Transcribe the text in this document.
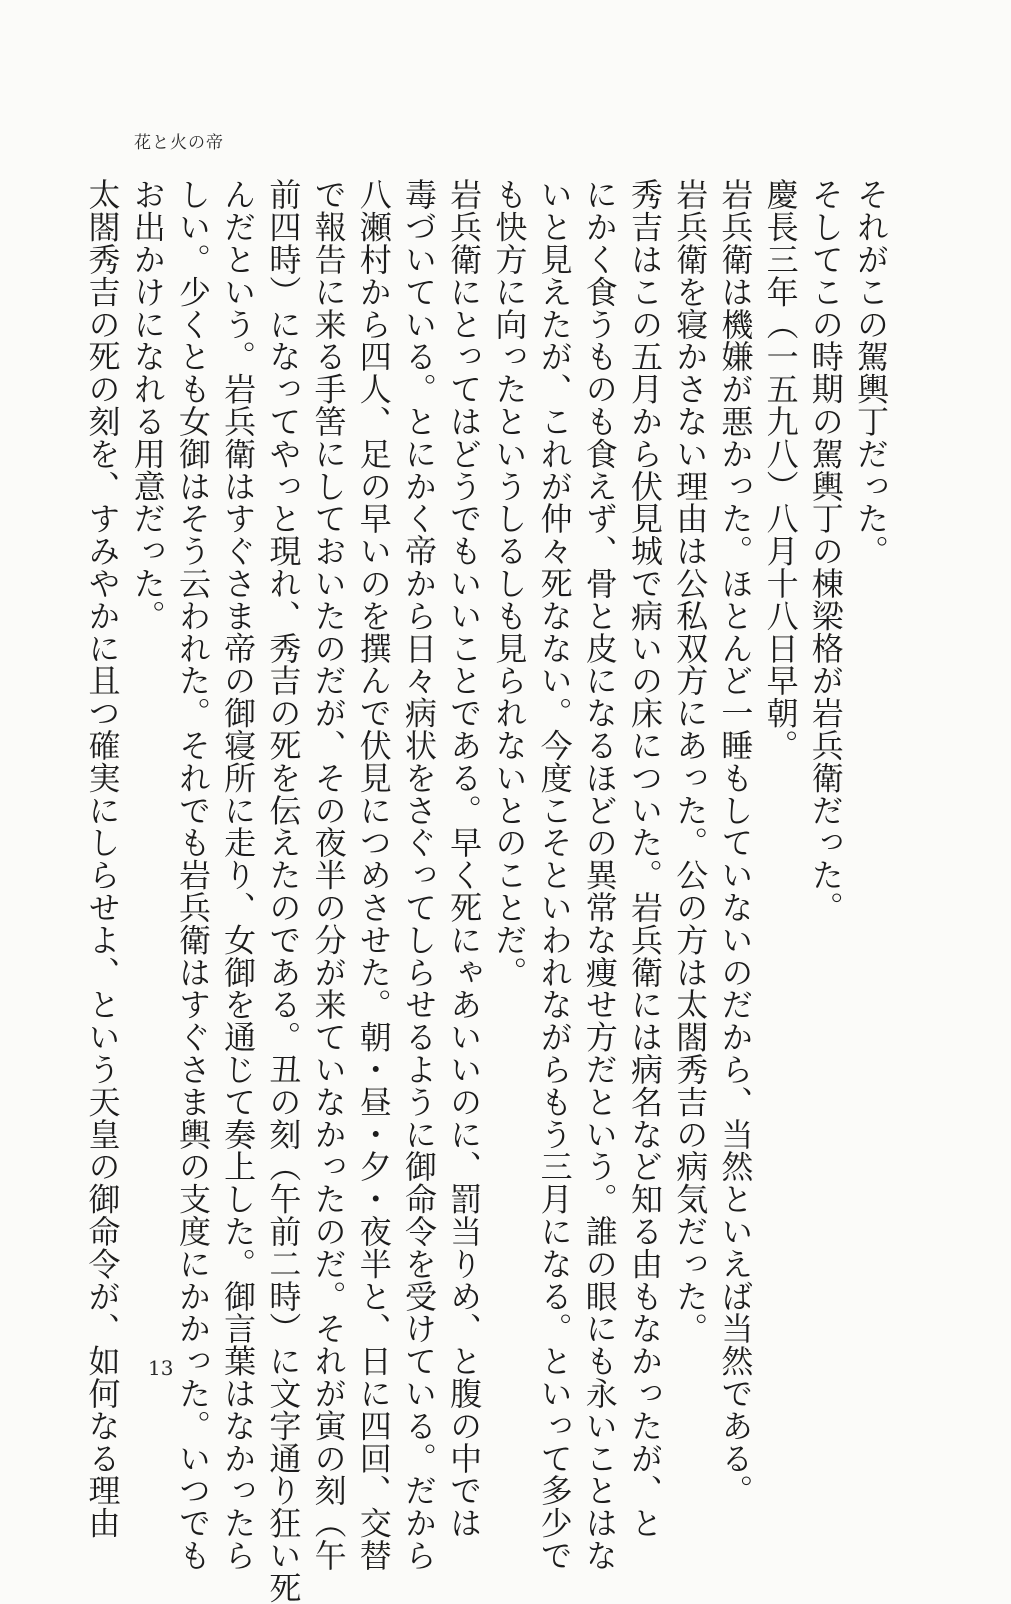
花と火の帝

それがこの駕輿丁だった。

そしてこの時期の駕輿丁の棟梁格が岩兵衛だった。

慶長三年（一五九八）八月十八日早朝。

岩兵衛は機嫌が悪かった。ほとんど一睡もしていないのだから、当然といえば当然である。

岩兵衛を寝かさない理由は公私双方にあった。公の方は太閤秀吉の病気だった。

秀吉はこの五月から伏見城で病いの床についた。岩兵衛には病名など知る由もなかったが、と

にかく食うものも食えず、骨と皮になるほどの異常な痩せ方だという。誰の眼にも永いことはな

いと見えたが、これが仲々死なない。今度こそといわれながらもう三月になる。といって多少で

も快方に向ったというしるしも見られないとのことだ。

岩兵衛にとってはどうでもいいことである。早く死にゃあいいのに、罰当りめ、と腹の中では

毒づいている。とにかく帝から日々病状をさぐってしらせるように御命令を受けている。だから

八瀬村から四人、足の早いのを撰んで伏見につめさせた。朝・昼・夕・夜半と、日に四回、交替

で報告に来る手筈にしておいたのだが、その夜半の分が来ていなかったのだ。それが寅の刻（午

前四時）になってやっと現れ、秀吉の死を伝えたのである。丑の刻（午前二時）に文字通り狂い死

んだという。岩兵衛はすぐさま帝の御寝所に走り、女御を通じて奏上した。御言葉はなかったら

しい。少くとも女御はそう云われた。それでも岩兵衛はすぐさま輿の支度にかかった。いつでも

お出かけになれる用意だった。

太閤秀吉の死の刻を、すみやかに且つ確実にしらせよ、という天皇の御命令が、如何なる理由 13
